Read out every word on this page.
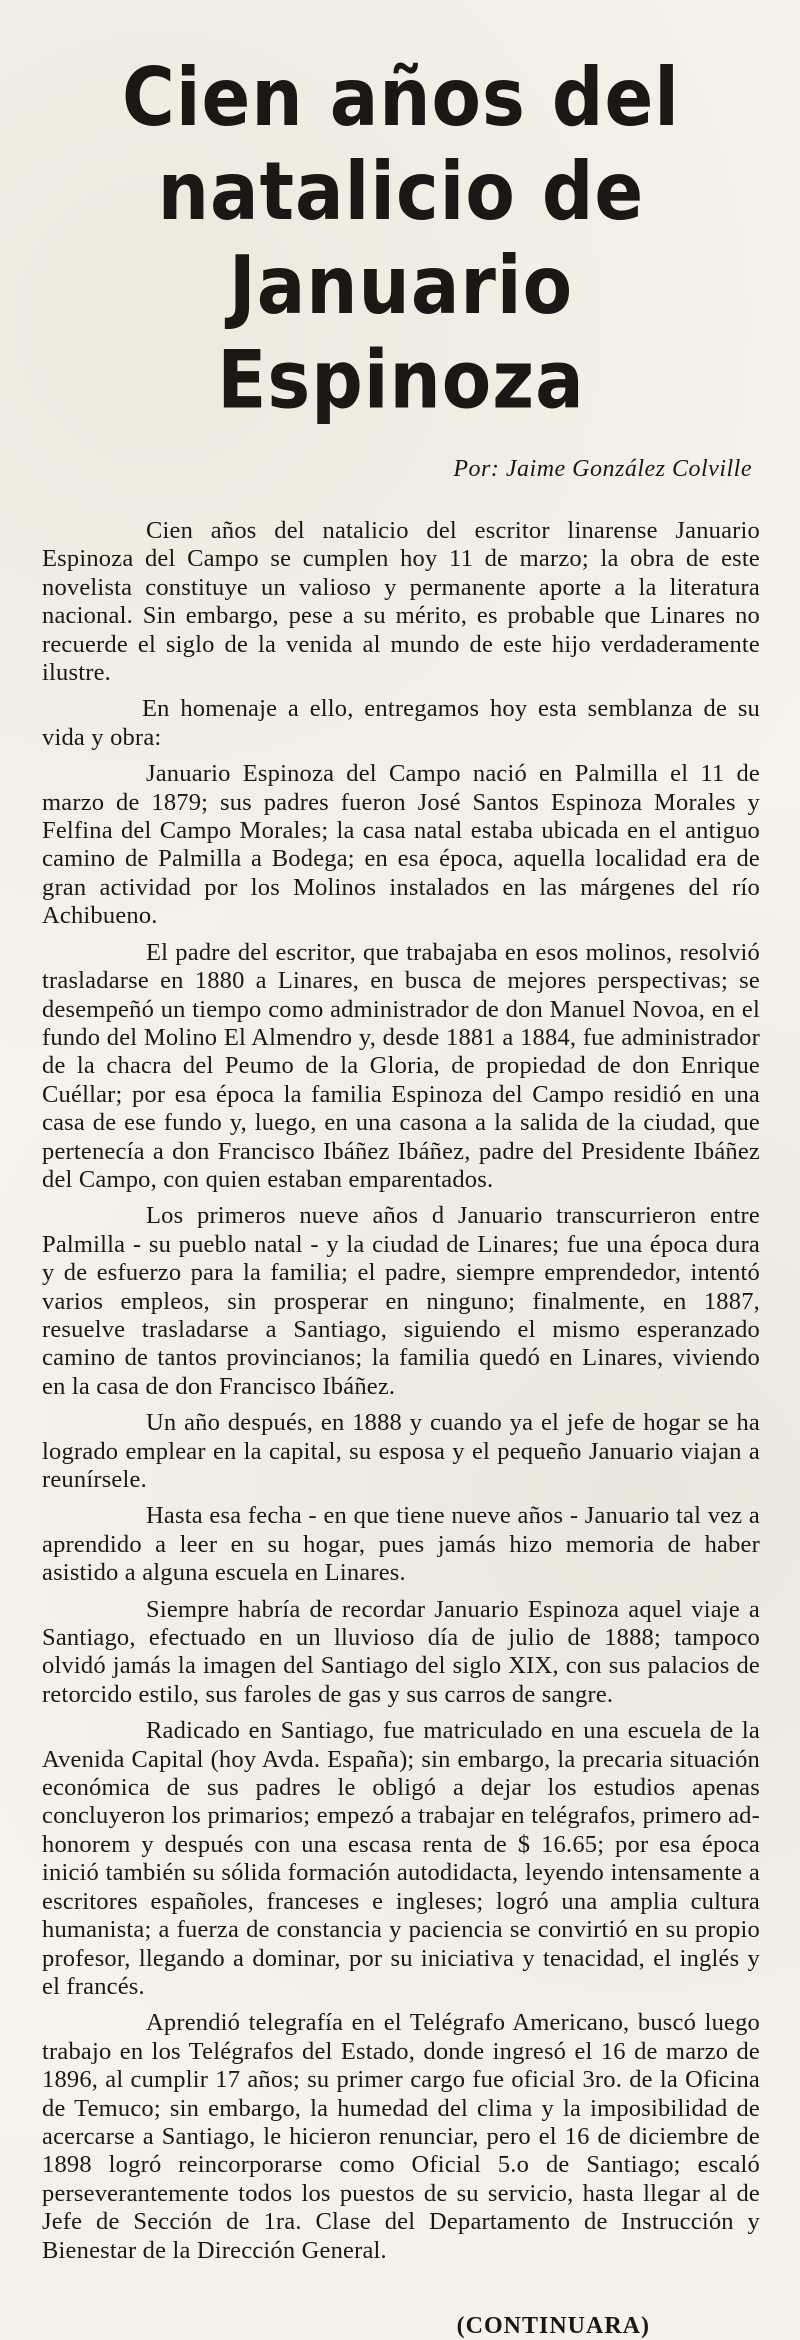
Cien años del natalicio de
Januario Espinoza
Por: Jaime González Colville

Cien años del natalicio del escritor linarense Januario Espinoza del Campo se cumplen hoy 11 de marzo; la obra de este novelista constituye un valioso y permanente aporte a la literatura nacional. Sin embargo, pese a su mérito, es probable que Linares no recuerde el siglo de la venida al mundo de este hijo verdaderamente ilustre.

En homenaje a ello, entregamos hoy esta semblanza de su vida y obra:

Januario Espinoza del Campo nació en Palmilla el 11 de marzo de 1879; sus padres fueron José Santos Espinoza Morales y Felfina del Campo Morales; la casa natal estaba ubicada en el antiguo camino de Palmilla a Bodega; en esa época, aquella localidad era de gran actividad por los Molinos instalados en las márgenes del río Achibueno.

El padre del escritor, que trabajaba en esos molinos, resolvió trasladarse en 1880 a Linares, en busca de mejores perspectivas; se desempeñó un tiempo como administrador de don Manuel Novoa, en el fundo del Molino El Almendro y, desde 1881 a 1884, fue administrador de la chacra del Peumo de la Gloria, de propiedad de don Enrique Cuéllar; por esa época la familia Espinoza del Campo residió en una casa de ese fundo y, luego, en una casona a la salida de la ciudad, que pertenecía a don Francisco Ibáñez Ibáñez, padre del Presidente Ibáñez del Campo, con quien estaban emparentados.

Los primeros nueve años d Januario transcurrieron entre Palmilla - su pueblo natal - y la ciudad de Linares; fue una época dura y de esfuerzo para la familia; el padre, siempre emprendedor, intentó varios empleos, sin prosperar en ninguno; finalmente, en 1887, resuelve trasladarse a Santiago, siguiendo el mismo esperanzado camino de tantos provincianos; la familia quedó en Linares, viviendo en la casa de don Francisco Ibáñez.

Un año después, en 1888 y cuando ya el jefe de hogar se ha logrado emplear en la capital, su esposa y el pequeño Januario viajan a reunírsele.

Hasta esa fecha - en que tiene nueve años - Januario tal vez a aprendido a leer en su hogar, pues jamás hizo memoria de haber asistido a alguna escuela en Linares.

Siempre habría de recordar Januario Espinoza aquel viaje a Santiago, efectuado en un lluvioso día de julio de 1888; tampoco olvidó jamás la imagen del Santiago del siglo XIX, con sus palacios de retorcido estilo, sus faroles de gas y sus carros de sangre.

Radicado en Santiago, fue matriculado en una escuela de la Avenida Capital (hoy Avda. España); sin embargo, la precaria situación económica de sus padres le obligó a dejar los estudios apenas concluyeron los primarios; empezó a trabajar en telégrafos, primero ad-honorem y después con una escasa renta de $ 16.65; por esa época inició también su sólida formación autodidacta, leyendo intensamente a escritores españoles, franceses e ingleses; logró una amplia cultura humanista; a fuerza de constancia y paciencia se convirtió en su propio profesor, llegando a dominar, por su iniciativa y tenacidad, el inglés y el francés.

Aprendió telegrafía en el Telégrafo Americano, buscó luego trabajo en los Telégrafos del Estado, donde ingresó el 16 de marzo de 1896, al cumplir 17 años; su primer cargo fue oficial 3ro. de la Oficina de Temuco; sin embargo, la humedad del clima y la imposibilidad de acercarse a Santiago, le hicieron renunciar, pero el 16 de diciembre de 1898 logró reincorporarse como Oficial 5.o de Santiago; escaló perseverantemente todos los puestos de su servicio, hasta llegar al de Jefe de Sección de 1ra. Clase del Departamento de Instrucción y Bienestar de la Dirección General.

(CONTINUARA)
